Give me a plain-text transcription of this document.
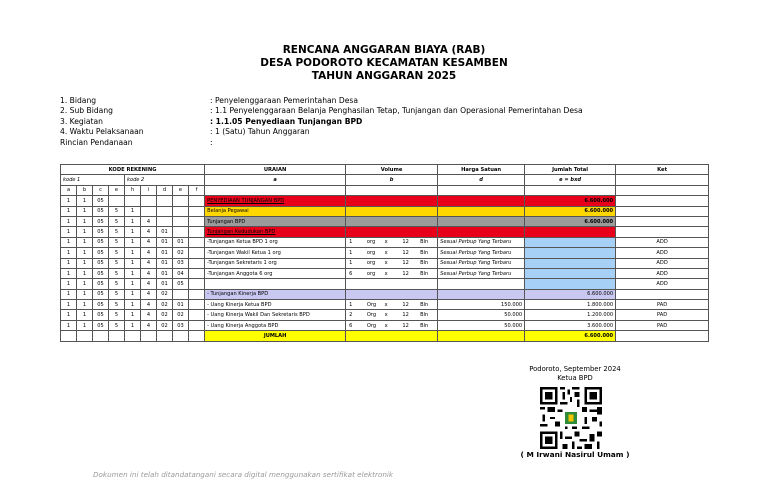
RENCANA ANGGARAN BIAYA (RAB)
DESA PODOROTO KECAMATAN KESAMBEN
TAHUN ANGGARAN 2025
1. Bidang	: Penyelenggaraan Pemerintahan Desa
2. Sub Bidang	: 1.1 Penyelenggaraan Belanja Penghasilan Tetap, Tunjangan dan Operasional Pemerintahan Desa
3. Kegiatan	: 1.1.05 Penyediaan Tunjangan BPD
4. Waktu Pelaksanaan	: 1 (Satu) Tahun Anggaran
Rincian Pendanaan	:
KODE REKENING									URAIAN	Volume	Harga Satuan	Jumlah Total	Ket
kode 1				kode 2					a	b	d	e = bxd	
a	b	c	e	h	i	d	e	f					
1	1	05							PENYEDIAAN TUNJANGAN BPD			6.600.000	
1	1	05	5	1					Belanja Pegawai			6.600.000	
1	1	05	5	1	4				Tunjangan BPD			6.600.000	
1	1	05	5	1	4	01			Tunjangan Kedudukan BPD	

1	1	05	5	1	4	01	01		-Tunjangan Ketua BPD 1 org	1 org x 12 Bln	Sesuai Perbup Yang Terbaru		ADD
1	1	05	5	1	4	01	02		-Tunjangan Wakil Ketua 1 org	1 org x 12 Bln	Sesuai Perbup Yang Terbaru		ADD
1	1	05	5	1	4	01	03		-Tunjangan Sekretaris 1 org	1 org x 12 Bln	Sesuai Perbup Yang Terbaru		ADD
1	1	05	5	1	4	01	04		-Tunjangan Anggota 6 org	6 org x 12 Bln	Sesuai Perbup Yang Terbaru		ADD
1	1	05	5	1	4	01	05						ADD
1	1	05	5	1	4	02			- Tunjangan Kinerja BPD			6.600.000	
1	1	05	5	1	4	02	01		- Uang Kinerja Ketua BPD	1 Org x 12 Bln	150.000	1.800.000	PAD
1	1	05	5	1	4	02	02		- Uang Kinerja Wakil Dan Sekretaris BPD	2 Org x 12 Bln	50.000	1.200.000	PAD
1	1	05	5	1	4	02	03		- Uang Kinerja Anggota BPD	6 Org x 12 Bln	50.000	3.600.000	PAD
									JUMLAH			6.600.000	
Podoroto, September 2024
Ketua BPD
( M Irwani Nasirul Umam )
Dokumen ini telah ditandatangani secara digital menggunakan sertifikat elektronik
